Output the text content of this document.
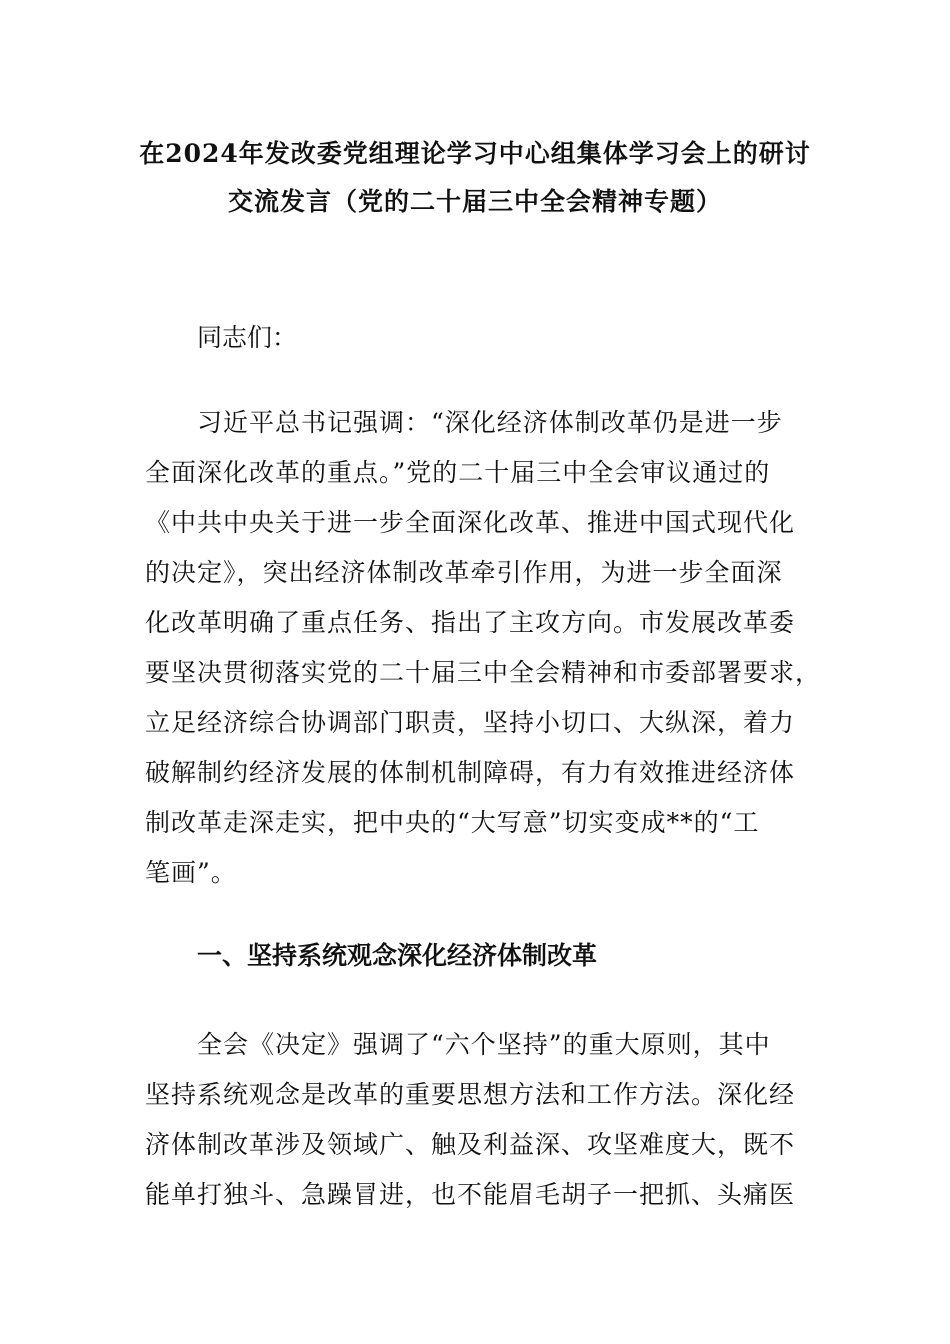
在2024年发改委党组理论学习中心组集体学习会上的研讨
交流发言（党的二十届三中全会精神专题）
同志们：
　　习近平总书记强调：“深化经济体制改革仍是进一步
全面深化改革的重点。”党的二十届三中全会审议通过的
《中共中央关于进一步全面深化改革、推进中国式现代化
的决定》，突出经济体制改革牵引作用，为进一步全面深
化改革明确了重点任务、指出了主攻方向。市发展改革委
要坚决贯彻落实党的二十届三中全会精神和市委部署要求，
立足经济综合协调部门职责，坚持小切口、大纵深，着力
破解制约经济发展的体制机制障碍，有力有效推进经济体
制改革走深走实，把中央的“大写意”切实变成**的“工
笔画”。
一、坚持系统观念深化经济体制改革
　　全会《决定》强调了“六个坚持”的重大原则，其中
坚持系统观念是改革的重要思想方法和工作方法。深化经
济体制改革涉及领域广、触及利益深、攻坚难度大，既不
能单打独斗、急躁冒进，也不能眉毛胡子一把抓、头痛医
